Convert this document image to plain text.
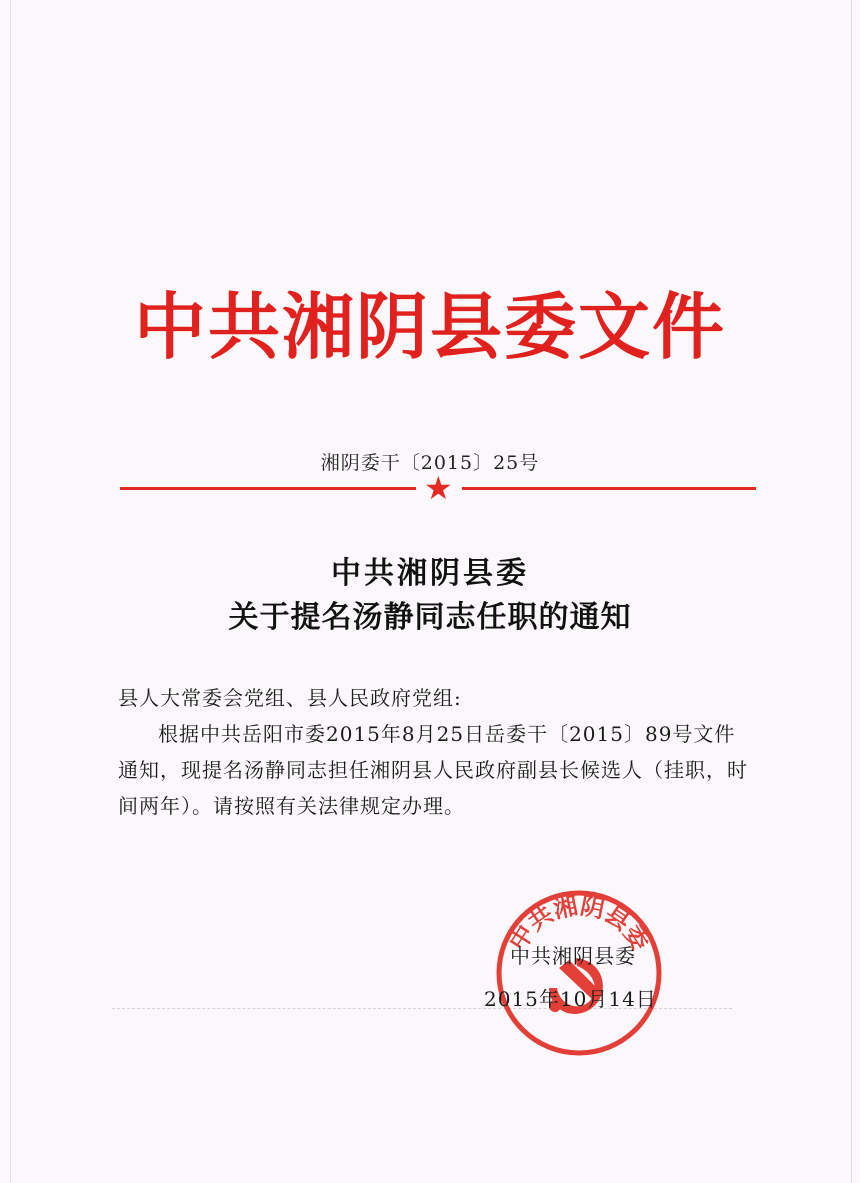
中共湘阴县委文件
湘阴委干〔2015〕25号
★
中共湘阴县委
关于提名汤静同志任职的通知
县人大常委会党组、县人民政府党组:

根据中共岳阳市委2015年8月25日岳委干〔2015〕89号文件通知，现提名汤静同志担任湘阴县人民政府副县长候选人（挂职，时间两年）。请按照有关法律规定办理。

中共湘阴县委
中共湘阴县委
2015年10月14日
